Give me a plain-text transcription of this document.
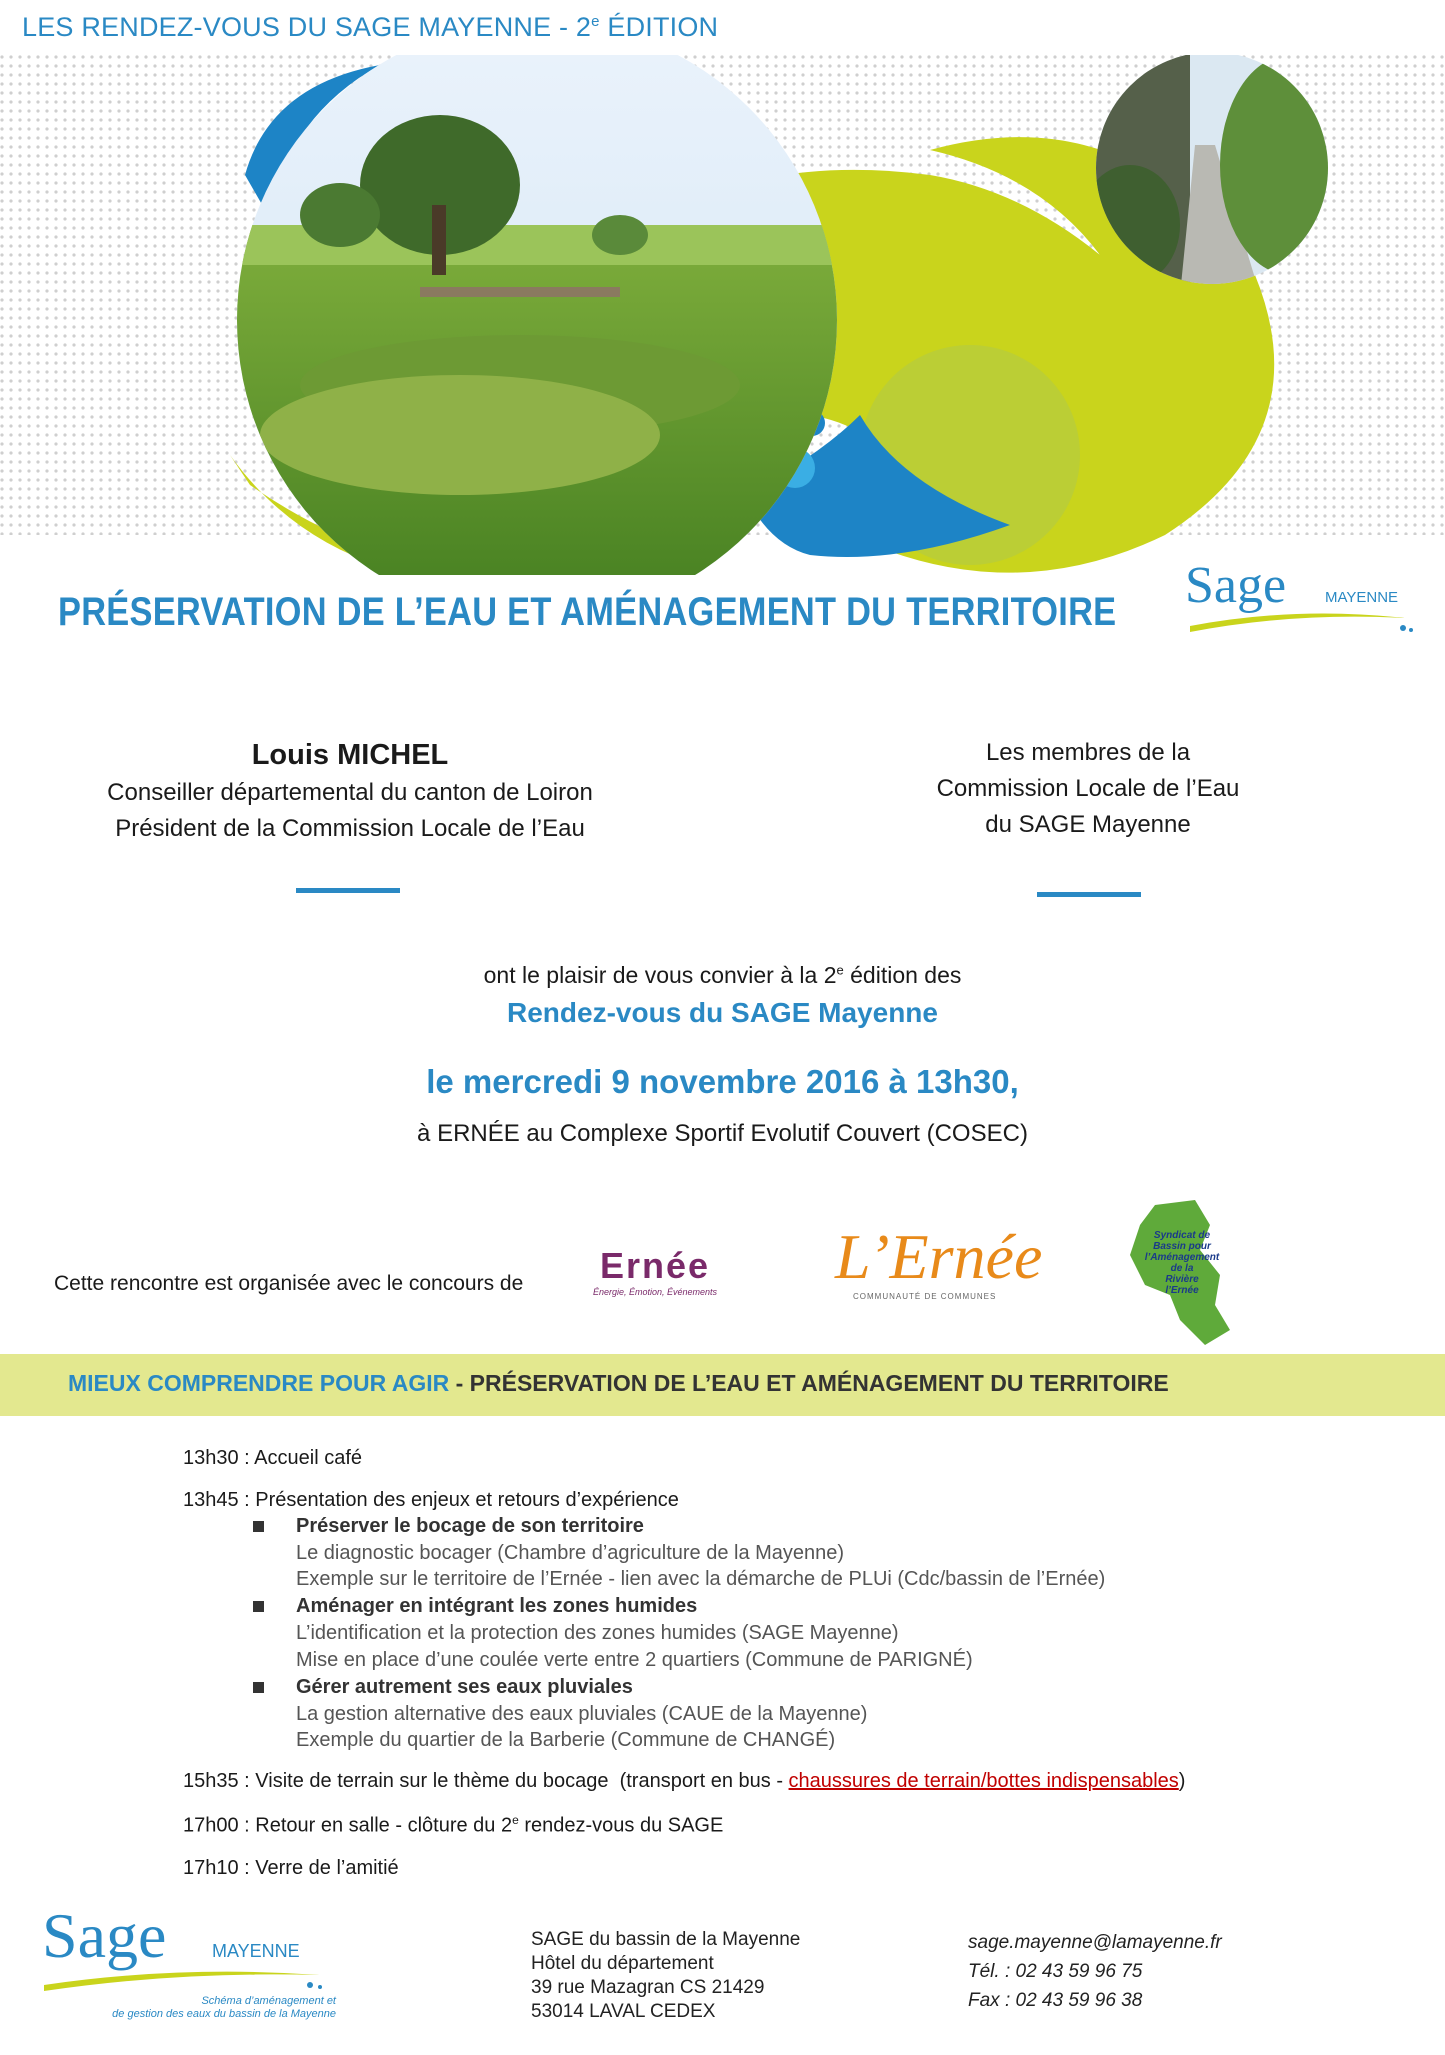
LES RENDEZ-VOUS DU SAGE MAYENNE - 2e ÉDITION
PRÉSERVATION DE L’EAU ET AMÉNAGEMENT DU TERRITOIRE Sage	MAYENNE
Louis MICHEL
Conseiller départemental du canton de Loiron
Président de la Commission Locale de l’Eau
Les membres de la
Commission Locale de l’Eau
du SAGE Mayenne
ont le plaisir de vous convier à la 2e édition des
Rendez-vous du SAGE Mayenne
le mercredi 9 novembre 2016 à 13h30,
à ERNÉE au Complexe Sportif Evolutif Couvert (COSEC)
Cette rencontre est organisée avec le concours de	Ernée
Énergie, Émotion, Événements	L’Ernée
COMMUNAUTÉ DE COMMUNES
Syndicat de
Bassin pour
l’Aménagement
de la
Rivière
l’Ernée
MIEUX COMPRENDRE POUR AGIR - PRÉSERVATION DE L’EAU ET AMÉNAGEMENT DU TERRITOIRE
13h30 : Accueil café
13h45 : Présentation des enjeux et retours d’expérience
Préserver le bocage de son territoire
Le diagnostic bocager (Chambre d’agriculture de la Mayenne)
Exemple sur le territoire de l’Ernée - lien avec la démarche de PLUi (Cdc/bassin de l’Ernée)
Aménager en intégrant les zones humides
L’identification et la protection des zones humides (SAGE Mayenne)
Mise en place d’une coulée verte entre 2 quartiers (Commune de PARIGNÉ)
Gérer autrement ses eaux pluviales
La gestion alternative des eaux pluviales (CAUE de la Mayenne)
Exemple du quartier de la Barberie (Commune de CHANGÉ)
15h35 : Visite de terrain sur le thème du bocage  (transport en bus - chaussures de terrain/bottes indispensables)
17h00 : Retour en salle - clôture du 2e rendez-vous du SAGE
17h10 : Verre de l’amitié
Sage	MAYENNE
Schéma d’aménagement et
de gestion des eaux du bassin de la Mayenne
SAGE du bassin de la Mayenne
Hôtel du département
39 rue Mazagran CS 21429
53014 LAVAL CEDEX
sage.mayenne@lamayenne.fr
Tél. : 02 43 59 96 75
Fax : 02 43 59 96 38
